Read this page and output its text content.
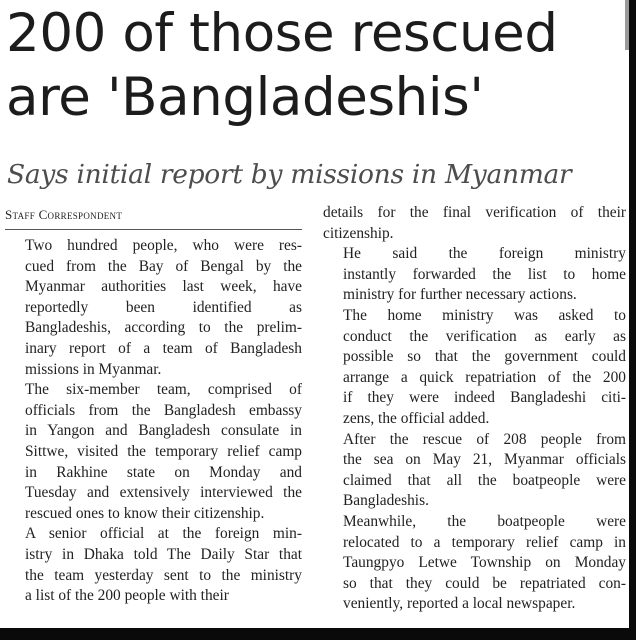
200 of those rescued
are 'Bangladeshis'
Says initial report by missions in Myanmar
Staff Correspondent

Two hundred people, who were res-
cued from the Bay of Bengal by the
Myanmar authorities last week, have
reportedly been identified as
Bangladeshis, according to the prelim-
inary report of a team of Bangladesh
missions in Myanmar.

The six-member team, comprised of
officials from the Bangladesh embassy
in Yangon and Bangladesh consulate in
Sittwe, visited the temporary relief camp
in Rakhine state on Monday and
Tuesday and extensively interviewed the
rescued ones to know their citizenship.

A senior official at the foreign min-
istry in Dhaka told The Daily Star that
the team yesterday sent to the ministry
a list of the 200 people with their

details for the final verification of their
citizenship.

He said the foreign ministry
instantly forwarded the list to home
ministry for further necessary actions.

The home ministry was asked to
conduct the verification as early as
possible so that the government could
arrange a quick repatriation of the 200
if they were indeed Bangladeshi citi-
zens, the official added.

After the rescue of 208 people from
the sea on May 21, Myanmar officials
claimed that all the boatpeople were
Bangladeshis.

Meanwhile, the boatpeople were
relocated to a temporary relief camp in
Taungpyo Letwe Township on Monday
so that they could be repatriated con-
veniently, reported a local newspaper.
